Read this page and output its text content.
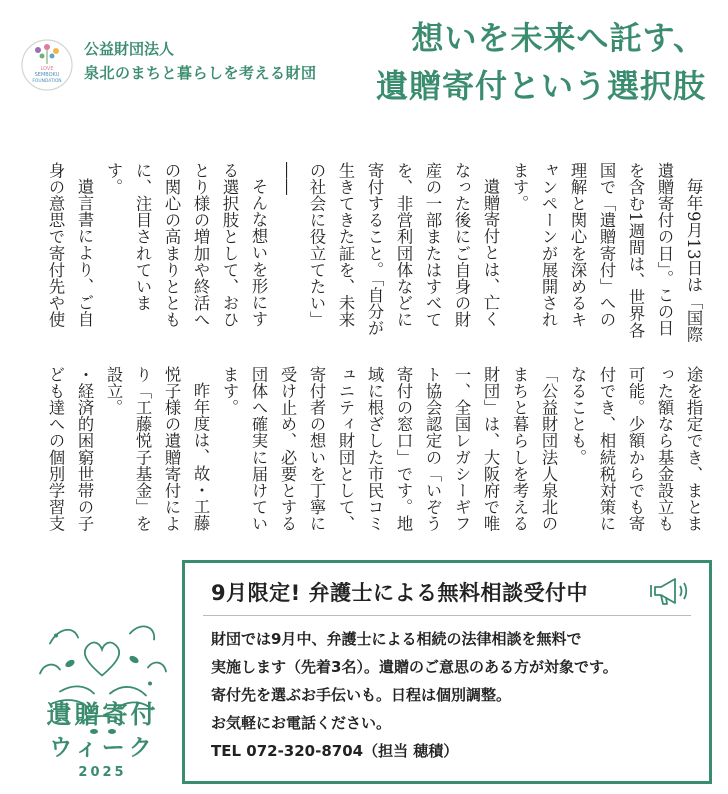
LOVE
SEMBOKU
FOUNDATION
公益財団法人
泉北のまちと暮らしを考える財団
想いを未来へ託す、
遺贈寄付という選択肢

毎年9月13日は「国際遺贈寄付の日」。この日を含む1週間は、世界各国で「遺贈寄付」への理解と関心を深めるキャンペーンが展開されます。

遺贈寄付とは、亡くなった後にご自身の財産の一部またはすべてを、非営利団体などに寄付すること。「自分が生きてきた証を、未来の社会に役立てたい」――

そんな想いを形にする選択肢として、おひとり様の増加や終活への関心の高まりとともに、注目されています。

遺言書により、ご自身の意思で寄付先や使途を指定でき、まとまった額なら基金設立も可能。少額からでも寄付でき、相続税対策になることも。

「公益財団法人泉北のまちと暮らしを考える財団」は、大阪府で唯一、全国レガシーギフト協会認定の「いぞう寄付の窓口」です。地域に根ざした市民コミュニティ財団として、寄付者の想いを丁寧に受け止め、必要とする団体へ確実に届けています。

昨年度は、故・工藤悦子様の遺贈寄付により「工藤悦子基金」を設立。

・経済的困窮世帯の子ども達への個別学習支

遺贈寄付
ウィーク
2025
9月限定! 弁護士による無料相談受付中
財団では9月中、弁護士による相続の法律相談を無料で
実施します（先着3名）。遺贈のご意思のある方が対象です。
寄付先を選ぶお手伝いも。日程は個別調整。
お気軽にお電話ください。
TEL 072-320-8704（担当 穂積）
